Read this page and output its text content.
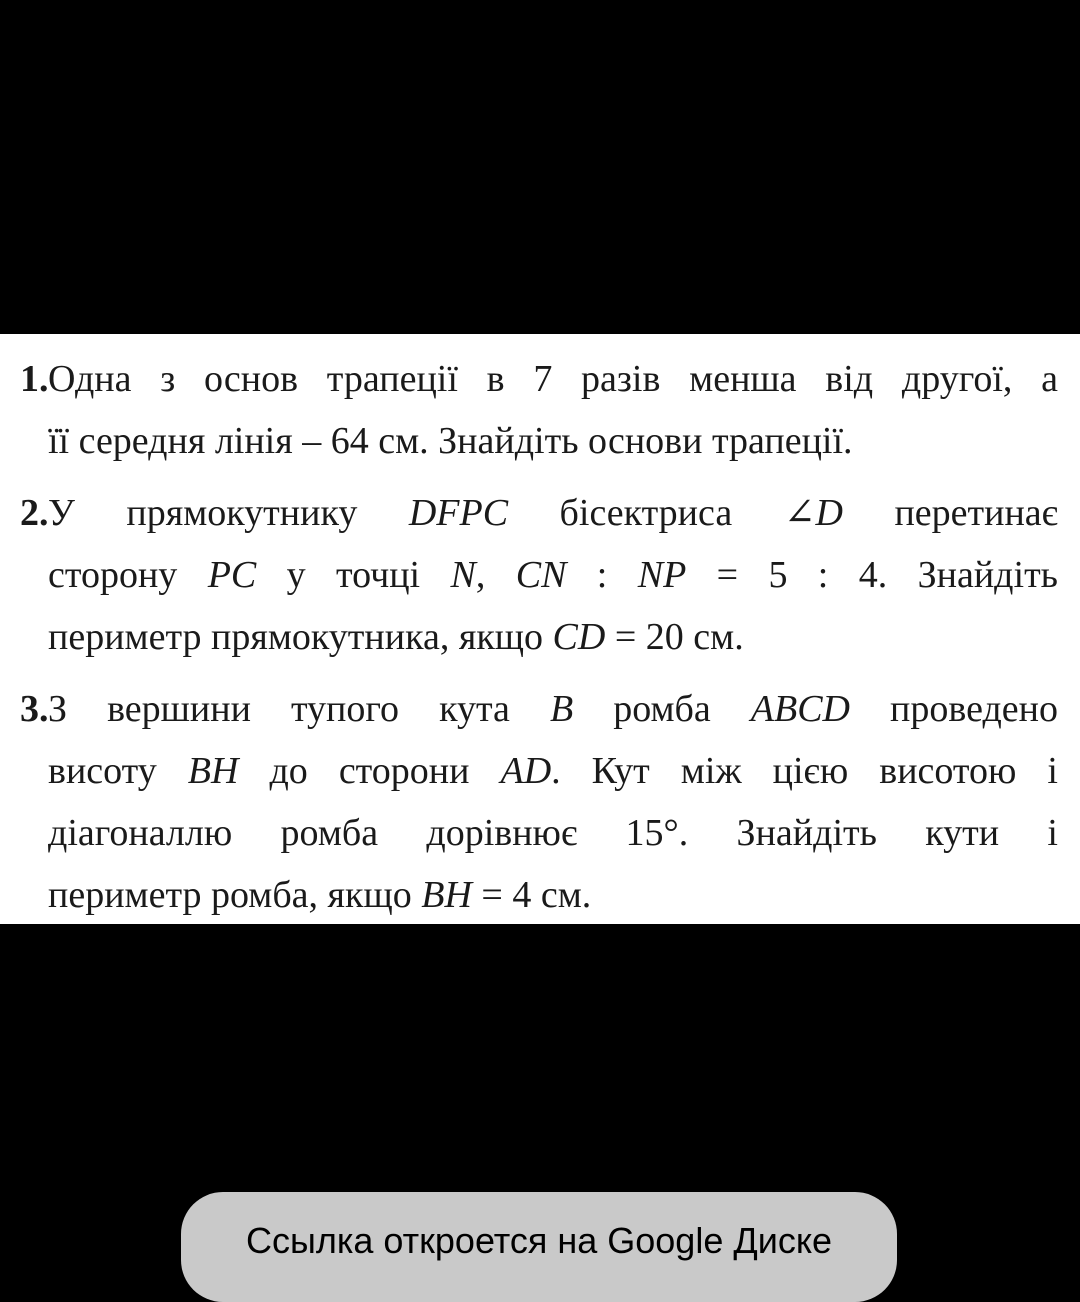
1. Одна з основ трапеції в 7 разів менша від другої, а
її середня лінія – 64 см. Знайдіть основи трапеції.
2. У прямокутнику DFPC бісектриса ∠D перетинає
сторону PC у точці N, CN : NP = 5 : 4. Знайдіть
периметр прямокутника, якщо CD = 20 см.
3. З вершини тупого кута B ромба ABCD проведено
висоту BH до сторони AD. Кут між цією висотою і
діагоналлю ромба дорівнює 15°. Знайдіть кути і
периметр ромба, якщо BH = 4 см.
Ссылка откроется на Google Диске
